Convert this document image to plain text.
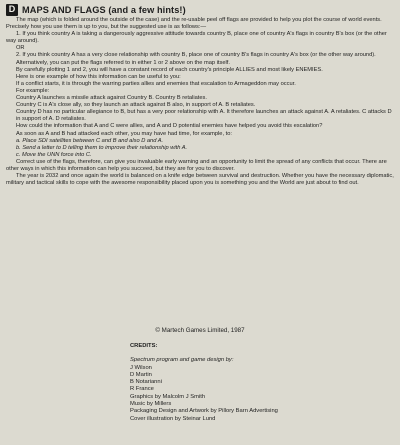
D MAPS AND FLAGS (and a few hints!)

The map (which is folded around the outside of the case) and the re-usable peel off flags are provided to help you plot the course of world events. Precisely how you use them is up to you, but the suggested use is as follows:—

1. If you think country A is taking a dangerously aggressive attitude towards country B, place one of country A's flags in country B's box (or the other way around).

OR

2. If you think country A has a very close relationship with country B, place one of country B's flags in country A's box (or the other way around).

Alternatively, you can put the flags referred to in either 1 or 2 above on the map itself.

By carefully plotting 1 and 2, you will have a constant record of each country's principle ALLIES and most likely ENEMIES.

Here is one example of how this information can be useful to you:

If a conflict starts, it is through the warring parties allies and enemies that escalation to Armageddon may occur.

For example:

Country A launches a missile attack against Country B. Country B retaliates.

Country C is A's close ally, so they launch an attack against B also, in support of A. B retaliates.

Country D has no particular allegiance to B, but has a very poor relationship with A. It therefore launches an attack against A. A retaliates. C attacks D in support of A. D retaliates.

How could the information that A and C were allies, and A and D potential enemies have helped you avoid this escalation?

As soon as A and B had attacked each other, you may have had time, for example, to:

a. Place SDI satellites between C and B and also D and A.

b. Send a letter to D telling them to improve their relationship with A.

c. Move the UNN force into C.

Correct use of the flags, therefore, can give you invaluable early warning and an opportunity to limit the spread of any conflicts that occur. There are other ways in which this information can help you succeed, but they are for you to discover.

The year is 2032 and once again the world is balanced on a knife edge between survival and destruction. Whether you have the necessary diplomatic, military and tactical skills to cope with the awesome responsibility placed upon you is something you and the World are just about to find out.

© Martech Games Limited, 1987
CREDITS:
Spectrum program and game design by:
J Wilson
D Martin
B Notarianni
R France
Graphics by Malcolm J Smith
Music by Millers
Packaging Design and Artwork by Pillory Barn Advertising
Cover illustration by Steinar Lund
